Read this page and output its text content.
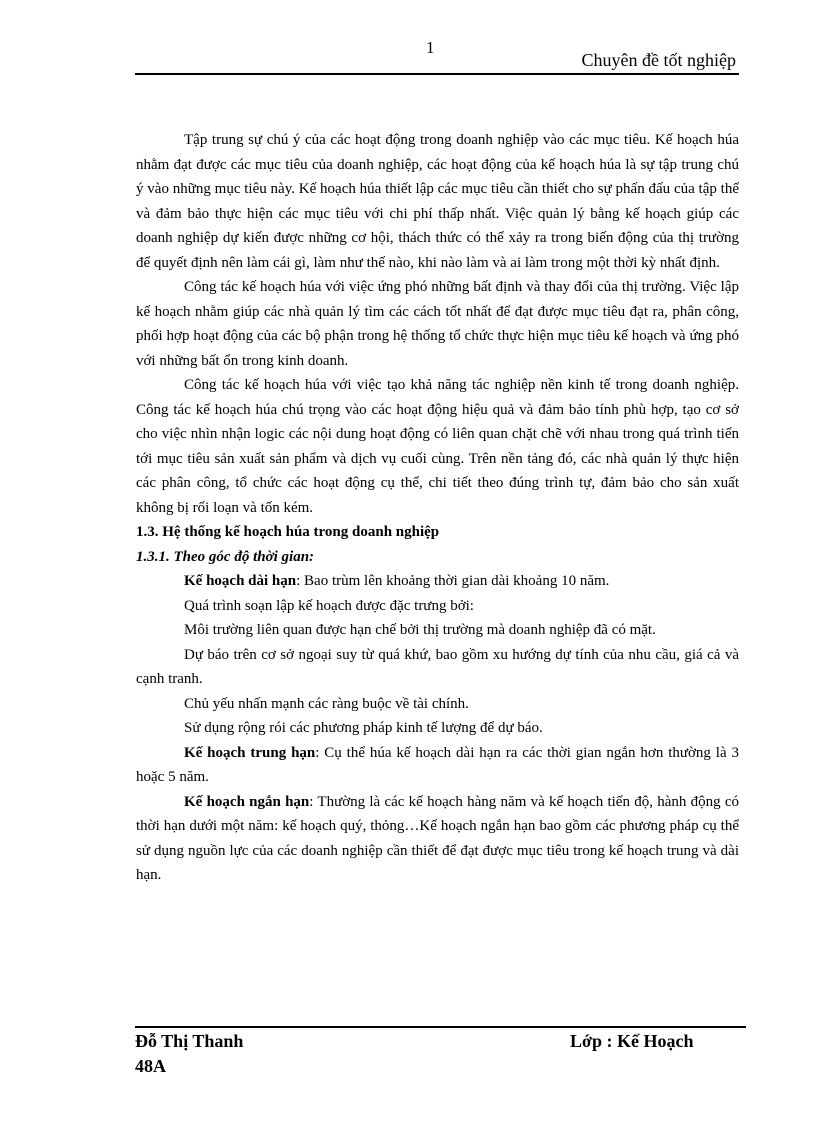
1
Chuyên đề tốt nghiệp

Tập trung sự chú ý của các hoạt động trong doanh nghiệp vào các mục tiêu. Kế hoạch húa nhằm đạt được các mục tiêu của doanh nghiệp, các hoạt động của kế hoạch húa là sự tập trung chú ý vào những mục tiêu này. Kế hoạch húa thiết lập các mục tiêu cần thiết cho sự phấn đấu của tập thể và đảm bảo thực hiện các mục tiêu với chi phí thấp nhất. Việc quản lý bằng kế hoạch giúp các doanh nghiệp dự kiến được những cơ hội, thách thức có thể xảy ra trong biến động của thị trường để quyết định nên làm cái gì, làm như thế nào, khi nào làm và ai làm trong một thời kỳ nhất định.

Công tác kế hoạch húa với việc ứng phó những bất định và thay đổi của thị trường. Việc lập kế hoạch nhằm giúp các nhà quản lý tìm các cách tốt nhất để đạt được mục tiêu đạt ra, phân công, phối hợp hoạt động của các bộ phận trong hệ thống tổ chức thực hiện mục tiêu kế hoạch và ứng phó với những bất ổn trong kinh doanh.

Công tác kế hoạch húa với việc tạo khả năng tác nghiệp nền kinh tế trong doanh nghiệp. Công tác kế hoạch húa chú trọng vào các hoạt động hiệu quả và đảm bảo tính phù hợp, tạo cơ sở cho việc nhìn nhận logic các nội dung hoạt động có liên quan chặt chẽ với nhau trong quá trình tiến tới mục tiêu sản xuất sản phẩm và dịch vụ cuối cùng. Trên nền tảng đó, các nhà quản lý thực hiện các phân công, tổ chức các hoạt động cụ thể, chi tiết theo đúng trình tự, đảm bảo cho sản xuất không bị rối loạn và tốn kém.

1.3. Hệ thống kế hoạch húa trong doanh nghiệp

1.3.1. Theo góc độ thời gian:

Kế hoạch dài hạn: Bao trùm lên khoảng thời gian dài khoảng 10 năm.

Quá trình soạn lập kế hoạch được đặc trưng bởi:

Môi trường liên quan được hạn chế bởi thị trường mà doanh nghiệp đã có mặt.

Dự báo trên cơ sở ngoại suy từ quá khứ, bao gồm xu hướng dự tính của nhu cầu, giá cả và cạnh tranh.

Chủ yếu nhấn mạnh các ràng buộc về tài chính.

Sử dụng rộng rói các phương pháp kinh tế lượng để dự báo.

Kế hoạch trung hạn: Cụ thể húa kế hoạch dài hạn ra các thời gian ngắn hơn thường là 3 hoặc 5 năm.

Kế hoạch ngắn hạn: Thường là các kế hoạch hàng năm và kế hoạch tiến độ, hành động có thời hạn dưới một năm: kế hoạch quý, thỏng…Kế hoạch ngắn hạn bao gồm các phương pháp cụ thể sử dụng nguồn lực của các doanh nghiệp cần thiết để đạt được mục tiêu trong kế hoạch trung và dài hạn.

Đỗ Thị Thanh
48A
Lớp : Kế Hoạch
